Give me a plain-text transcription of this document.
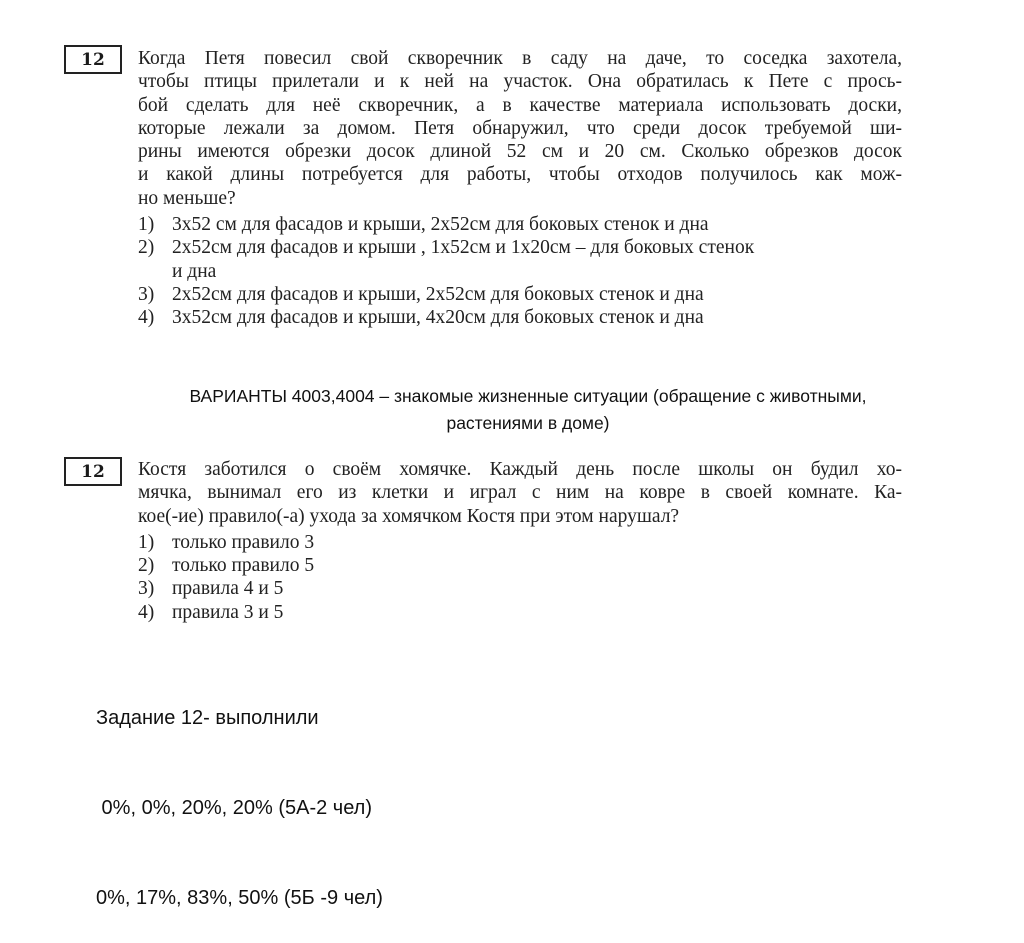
12 Когда Петя повесил свой скворечник в саду на даче, то соседка захотела,
чтобы птицы прилетали и к ней на участок. Она обратилась к Пете с прось-
бой сделать для неё скворечник, а в качестве материала использовать доски,
которые лежали за домом. Петя обнаружил, что среди досок требуемой ши-
рины имеются обрезки досок длиной 52 см и 20 см. Сколько обрезков досок
и какой длины потребуется для работы, чтобы отходов получилось как мож-
но меньше?
1) 3х52 см для фасадов и крыши, 2х52см для боковых стенок и дна
2) 2х52см для фасадов и крыши , 1х52см и 1х20см – для боковых стенок
и дна
3) 2х52см для фасадов и крыши, 2х52см для боковых стенок и дна
4) 3х52см для фасадов и крыши, 4х20см для боковых стенок и дна
ВАРИАНТЫ 4003,4004 – знакомые жизненные ситуации (обращение с животными,
растениями в доме)
12 Костя заботился о своём хомячке. Каждый день после школы он будил хо-
мячка, вынимал его из клетки и играл с ним на ковре в своей комнате. Ка-
кое(-ие) правило(-а) ухода за хомячком Костя при этом нарушал?
1) только правило 3
2) только правило 5
3) правила 4 и 5
4) правила 3 и 5

Задание 12- выполнили

0%, 0%, 20%, 20% (5А-2 чел)

0%, 17%, 83%, 50% (5Б -9 чел)
